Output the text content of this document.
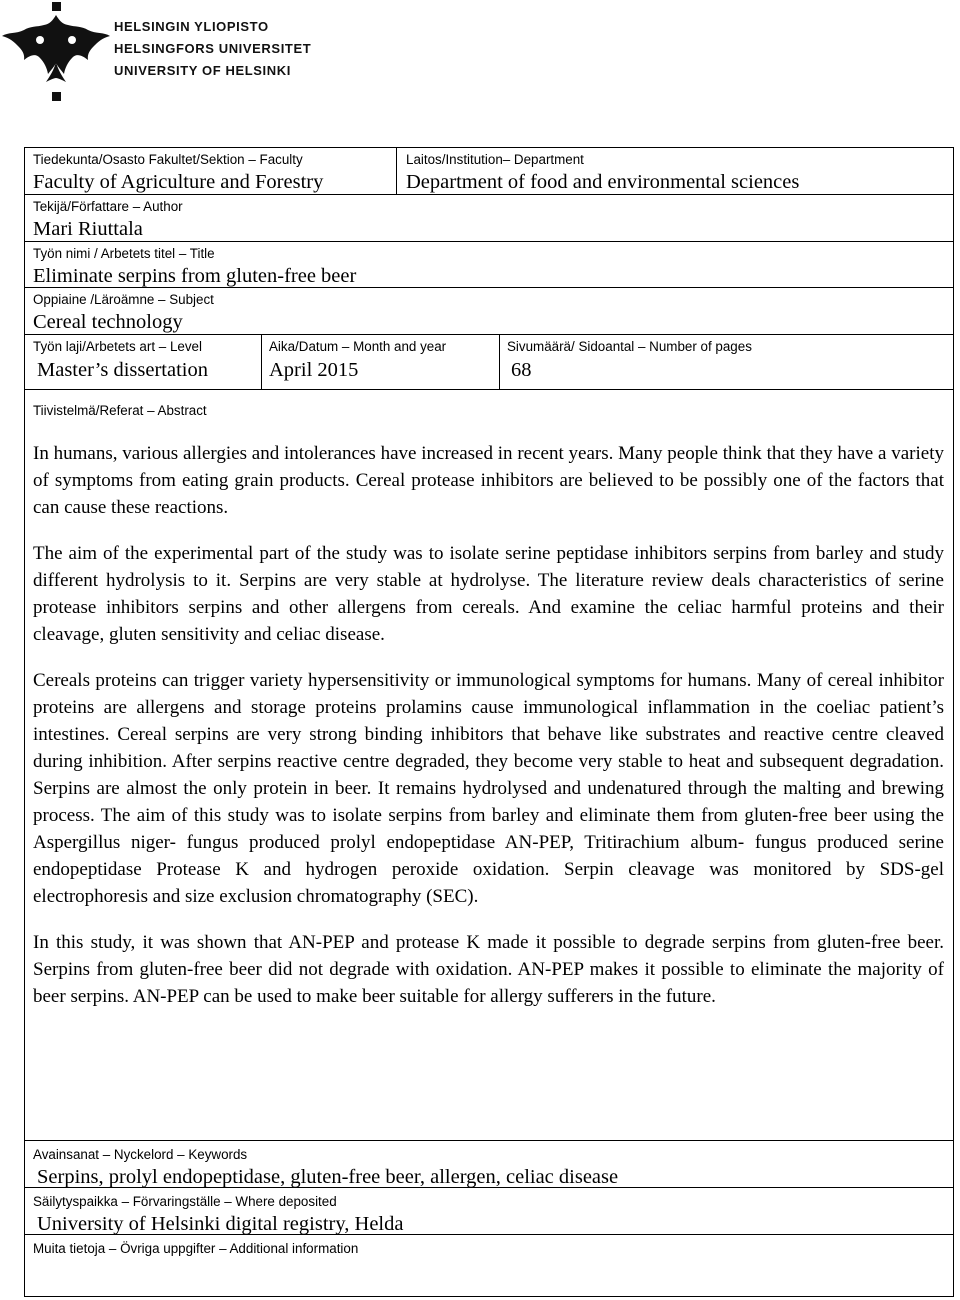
HELSINGIN YLIOPISTO
HELSINGFORS UNIVERSITET
UNIVERSITY OF HELSINKI
Tiedekunta/Osasto Fakultet/Sektion – Faculty
Faculty of Agriculture and Forestry
Laitos/Institution– Department
Department of food and environmental sciences
Tekijä/Författare – Author
Mari Riuttala
Työn nimi / Arbetets titel – Title
Eliminate serpins from gluten-free beer
Oppiaine /Läroämne – Subject
Cereal technology
Työn laji/Arbetets art – Level
Master’s dissertation
Aika/Datum – Month and year
April 2015
Sivumäärä/ Sidoantal – Number of pages
68
Tiivistelmä/Referat – Abstract

In humans, various allergies and intolerances have increased in recent years. Many people think that they have a variety of symptoms from eating grain products. Cereal protease inhibitors are believed to be possibly one of the factors that can cause these reactions.

The aim of the experimental part of the study was to isolate serine peptidase inhibitors serpins from barley and study different hydrolysis to it. Serpins are very stable at hydrolyse. The literature review deals characteristics of serine protease inhibitors serpins and other allergens from cereals. And examine the celiac harmful proteins and their cleavage, gluten sensitivity and celiac disease.

Cereals proteins can trigger variety hypersensitivity or immunological symptoms for humans. Many of cereal inhibitor proteins are allergens and storage proteins prolamins cause immunological inflammation in the coeliac patient’s intestines. Cereal serpins are very strong binding inhibitors that behave like substrates and reactive centre cleaved during inhibition. After serpins reactive centre degraded, they become very stable to heat and subsequent degradation. Serpins are almost the only protein in beer. It remains hydrolysed and undenatured through the malting and brewing process. The aim of this study was to isolate serpins from barley and eliminate them from gluten-free beer using the Aspergillus niger- fungus produced prolyl endopeptidase AN-PEP, Tritirachium album- fungus produced serine endopeptidase Protease K and hydrogen peroxide oxidation. Serpin cleavage was monitored by SDS-gel electrophoresis and size exclusion chromatography (SEC).

In this study, it was shown that AN-PEP and protease K made it possible to degrade serpins from gluten-free beer. Serpins from gluten-free beer did not degrade with oxidation. AN-PEP makes it possible to eliminate the majority of beer serpins. AN-PEP can be used to make beer suitable for allergy sufferers in the future.

Avainsanat – Nyckelord – Keywords
Serpins, prolyl endopeptidase, gluten-free beer, allergen, celiac disease
Säilytyspaikka – Förvaringställe – Where deposited
University of Helsinki digital registry, Helda
Muita tietoja – Övriga uppgifter – Additional information
